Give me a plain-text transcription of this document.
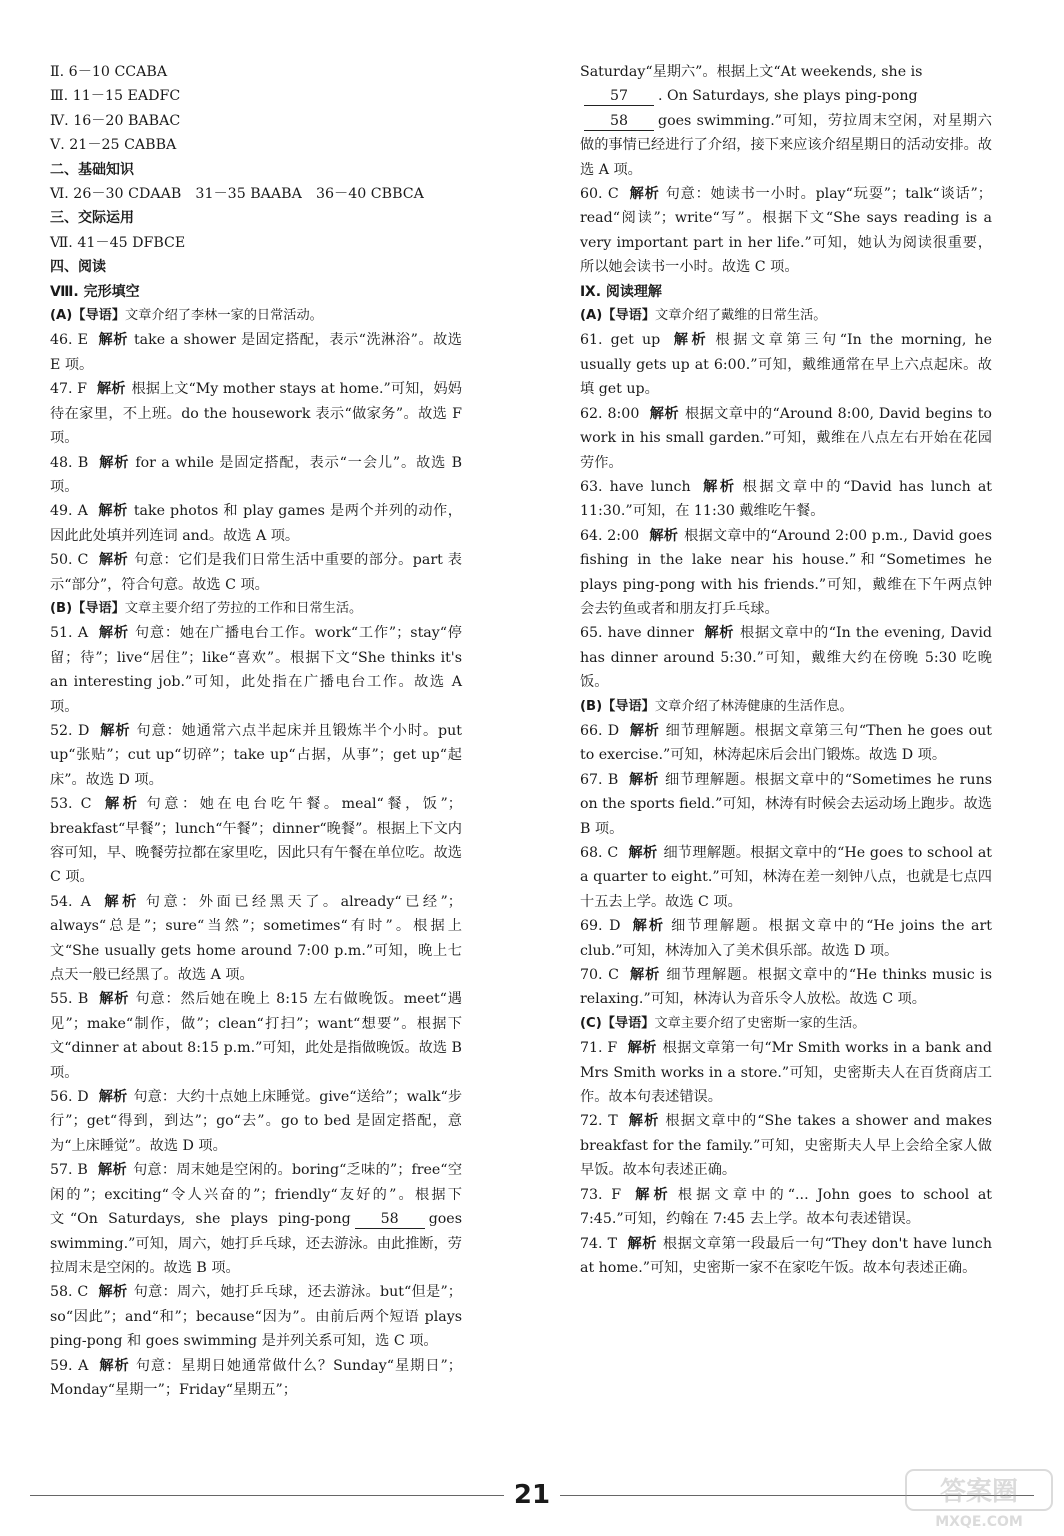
Ⅱ. 6－10 CCABA

Ⅲ. 11－15 EADFC

Ⅳ. 16－20 BABAC

Ⅴ. 21－25 CABBA

二、基础知识

Ⅵ. 26－30 CDAAB　31－35 BAABA　36－40 CBBCA

三、交际运用

Ⅶ. 41－45 DFBCE

四、阅读

Ⅷ. 完形填空

(A)【导语】文章介绍了李林一家的日常活动。

46. E 解析 take a shower 是固定搭配，表示“洗淋浴”。故选 E 项。

47. F 解析 根据上文“My mother stays at home.”可知，妈妈待在家里，不上班。do the housework 表示“做家务”。故选 F 项。

48. B 解析 for a while 是固定搭配，表示“一会儿”。故选 B 项。

49. A 解析 take photos 和 play games 是两个并列的动作，因此此处填并列连词 and。故选 A 项。

50. C 解析 句意：它们是我们日常生活中重要的部分。part 表示“部分”，符合句意。故选 C 项。

(B)【导语】文章主要介绍了劳拉的工作和日常生活。

51. A 解析 句意：她在广播电台工作。work“工作”；stay“停留；待”；live“居住”；like“喜欢”。根据下文“She thinks it's an interesting job.”可知，此处指在广播电台工作。故选 A 项。

52. D 解析 句意：她通常六点半起床并且锻炼半个小时。put up“张贴”；cut up“切碎”；take up“占据，从事”；get up“起床”。故选 D 项。

53. C 解析 句意：她在电台吃午餐。meal“餐，饭”；breakfast“早餐”；lunch“午餐”；dinner“晚餐”。根据上下文内容可知，早、晚餐劳拉都在家里吃，因此只有午餐在单位吃。故选 C 项。

54. A 解析 句意：外面已经黑天了。already“已经”；always“总是”；sure“当然”；sometimes“有时”。根据上文“She usually gets home around 7:00 p.m.”可知，晚上七点天一般已经黑了。故选 A 项。

55. B 解析 句意：然后她在晚上 8:15 左右做晚饭。meet“遇见”；make“制作，做”；clean“打扫”；want“想要”。根据下文“dinner at about 8:15 p.m.”可知，此处是指做晚饭。故选 B 项。

56. D 解析 句意：大约十点她上床睡觉。give“送给”；walk“步行”；get“得到，到达”；go“去”。go to bed 是固定搭配，意为“上床睡觉”。故选 D 项。

57. B 解析 句意：周末她是空闲的。boring“乏味的”；free“空闲的”；exciting“令人兴奋的”；friendly“友好的”。根据下文“On Saturdays, she plays ping-pong 58 goes swimming.”可知，周六，她打乒乓球，还去游泳。由此推断，劳拉周末是空闲的。故选 B 项。

58. C 解析 句意：周六，她打乒乓球，还去游泳。but“但是”；so“因此”；and“和”；because“因为”。由前后两个短语 plays ping-pong 和 goes swimming 是并列关系可知，选 C 项。

59. A 解析 句意：星期日她通常做什么？Sunday“星期日”；Monday“星期一”；Friday“星期五”；

Saturday“星期六”。根据上文“At weekends, she is
57 . On Saturdays, she plays ping-pong
58 goes swimming.”可知，劳拉周末空闲，对星期六做的事情已经进行了介绍，接下来应该介绍星期日的活动安排。故选 A 项。

60. C 解析 句意：她读书一小时。play“玩耍”；talk“谈话”；read“阅读”；write“写”。根据下文“She says reading is a very important part in her life.”可知，她认为阅读很重要，所以她会读书一小时。故选 C 项。

Ⅸ. 阅读理解

(A)【导语】文章介绍了戴维的日常生活。

61. get up 解析 根据文章第三句“In the morning, he usually gets up at 6:00.”可知，戴维通常在早上六点起床。故填 get up。

62. 8:00 解析 根据文章中的“Around 8:00, David begins to work in his small garden.”可知，戴维在八点左右开始在花园劳作。

63. have lunch 解析 根据文章中的“David has lunch at 11:30.”可知，在 11:30 戴维吃午餐。

64. 2:00 解析 根据文章中的“Around 2:00 p.m., David goes fishing in the lake near his house.”和“Sometimes he plays ping-pong with his friends.”可知，戴维在下午两点钟会去钓鱼或者和朋友打乒乓球。

65. have dinner 解析 根据文章中的“In the evening, David has dinner around 5:30.”可知，戴维大约在傍晚 5:30 吃晚饭。

(B)【导语】文章介绍了林涛健康的生活作息。

66. D 解析 细节理解题。根据文章第三句“Then he goes out to exercise.”可知，林涛起床后会出门锻炼。故选 D 项。

67. B 解析 细节理解题。根据文章中的“Sometimes he runs on the sports field.”可知，林涛有时候会去运动场上跑步。故选 B 项。

68. C 解析 细节理解题。根据文章中的“He goes to school at a quarter to eight.”可知，林涛在差一刻钟八点，也就是七点四十五去上学。故选 C 项。

69. D 解析 细节理解题。根据文章中的“He joins the art club.”可知，林涛加入了美术俱乐部。故选 D 项。

70. C 解析 细节理解题。根据文章中的“He thinks music is relaxing.”可知，林涛认为音乐令人放松。故选 C 项。

(C)【导语】文章主要介绍了史密斯一家的生活。

71. F 解析 根据文章第一句“Mr Smith works in a bank and Mrs Smith works in a store.”可知，史密斯夫人在百货商店工作。故本句表述错误。

72. T 解析 根据文章中的“She takes a shower and makes breakfast for the family.”可知，史密斯夫人早上会给全家人做早饭。故本句表述正确。

73. F 解析 根据文章中的“... John goes to school at 7:45.”可知，约翰在 7:45 去上学。故本句表述错误。

74. T 解析 根据文章第一段最后一句“They don't have lunch at home.”可知，史密斯一家不在家吃午饭。故本句表述正确。

21	答案圈
MXQE.COM
